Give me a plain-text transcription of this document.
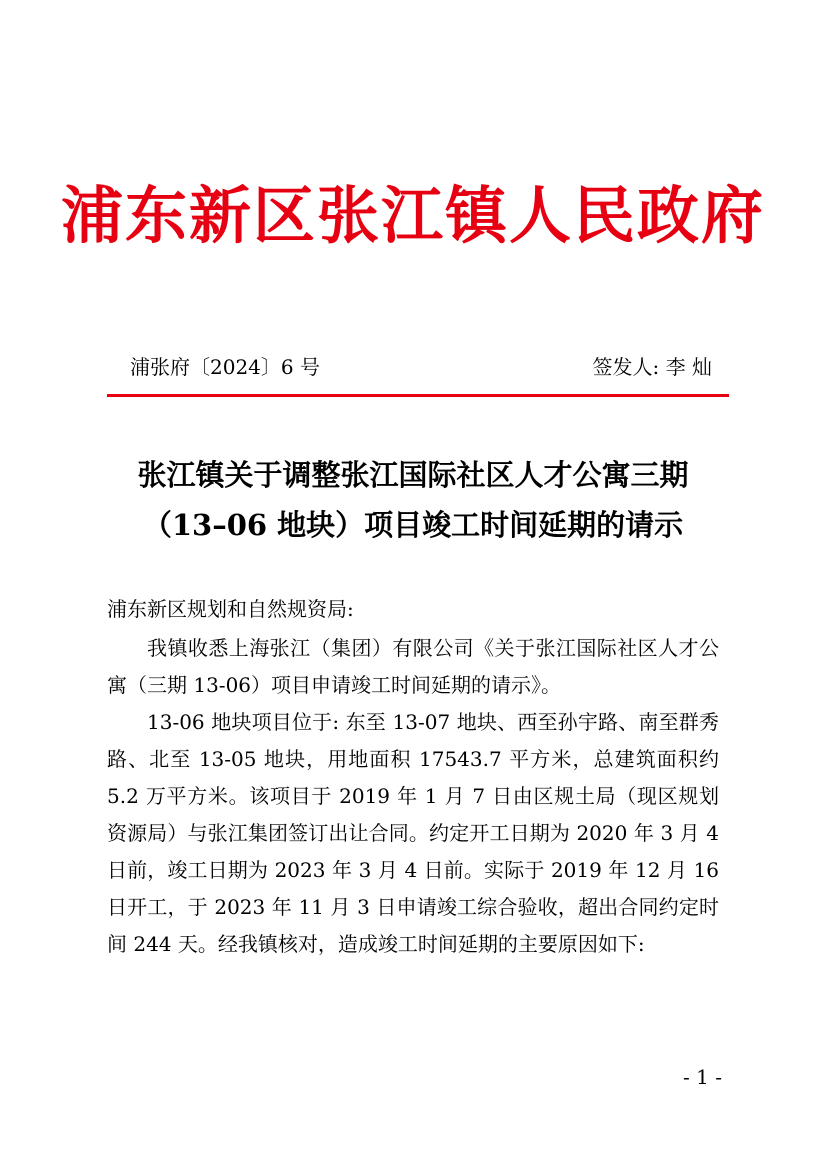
浦东新区张江镇人民政府
浦张府〔2024〕6 号	签发人: 李 灿
张江镇关于调整张江国际社区人才公寓三期
（13–06 地块）项目竣工时间延期的请示
浦东新区规划和自然规资局:

我镇收悉上海张江（集团）有限公司《关于张江国际社区人才公寓（三期 13-06）项目申请竣工时间延期的请示》。

13-06 地块项目位于: 东至 13-07 地块、西至孙宇路、南至群秀路、北至 13-05 地块，用地面积 17543.7 平方米，总建筑面积约 5.2 万平方米。该项目于 2019 年 1 月 7 日由区规土局（现区规划资源局）与张江集团签订出让合同。约定开工日期为 2020 年 3 月 4 日前，竣工日期为 2023 年 3 月 4 日前。实际于 2019 年 12 月 16 日开工，于 2023 年 11 月 3 日申请竣工综合验收，超出合同约定时间 244 天。经我镇核对，造成竣工时间延期的主要原因如下:

- 1 -
